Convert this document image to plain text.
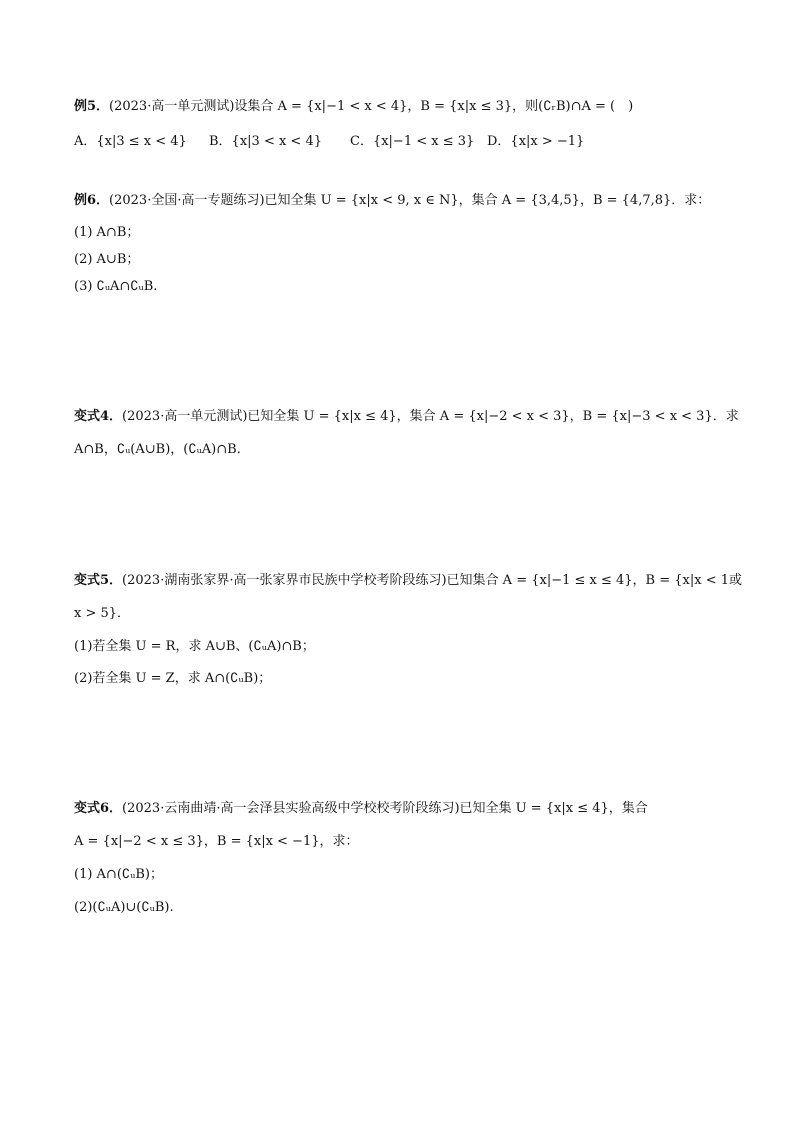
例5．(2023·高一单元测试)设集合 A = {x|−1 < x < 4}，B = {x|x ≤ 3}，则(∁ᵣB)∩A = (　)
A．{x|3 ≤ x < 4} B．{x|3 < x < 4} C．{x|−1 < x ≤ 3} D．{x|x > −1}
例6．(2023·全国·高一专题练习)已知全集 U = {x|x < 9, x ∈ N}，集合 A = {3,4,5}，B = {4,7,8}．求：
(1) A∩B；
(2) A∪B；
(3) ∁ᵤA∩∁ᵤB.
变式4．(2023·高一单元测试)已知全集 U = {x|x ≤ 4}，集合 A = {x|−2 < x < 3}，B = {x|−3 < x < 3}．求
A∩B，∁ᵤ(A∪B)，(∁ᵤA)∩B．
变式5．(2023·湖南张家界·高一张家界市民族中学校考阶段练习)已知集合 A = {x|−1 ≤ x ≤ 4}，B = {x|x < 1或
x > 5}．
(1)若全集 U = R，求 A∪B、(∁ᵤA)∩B；
(2)若全集 U = Z，求 A∩(∁ᵤB)；
变式6．(2023·云南曲靖·高一会泽县实验高级中学校校考阶段练习)已知全集 U = {x|x ≤ 4}，集合
A = {x|−2 < x ≤ 3}，B = {x|x < −1}，求：
(1) A∩(∁ᵤB)；
(2)(∁ᵤA)∪(∁ᵤB).
